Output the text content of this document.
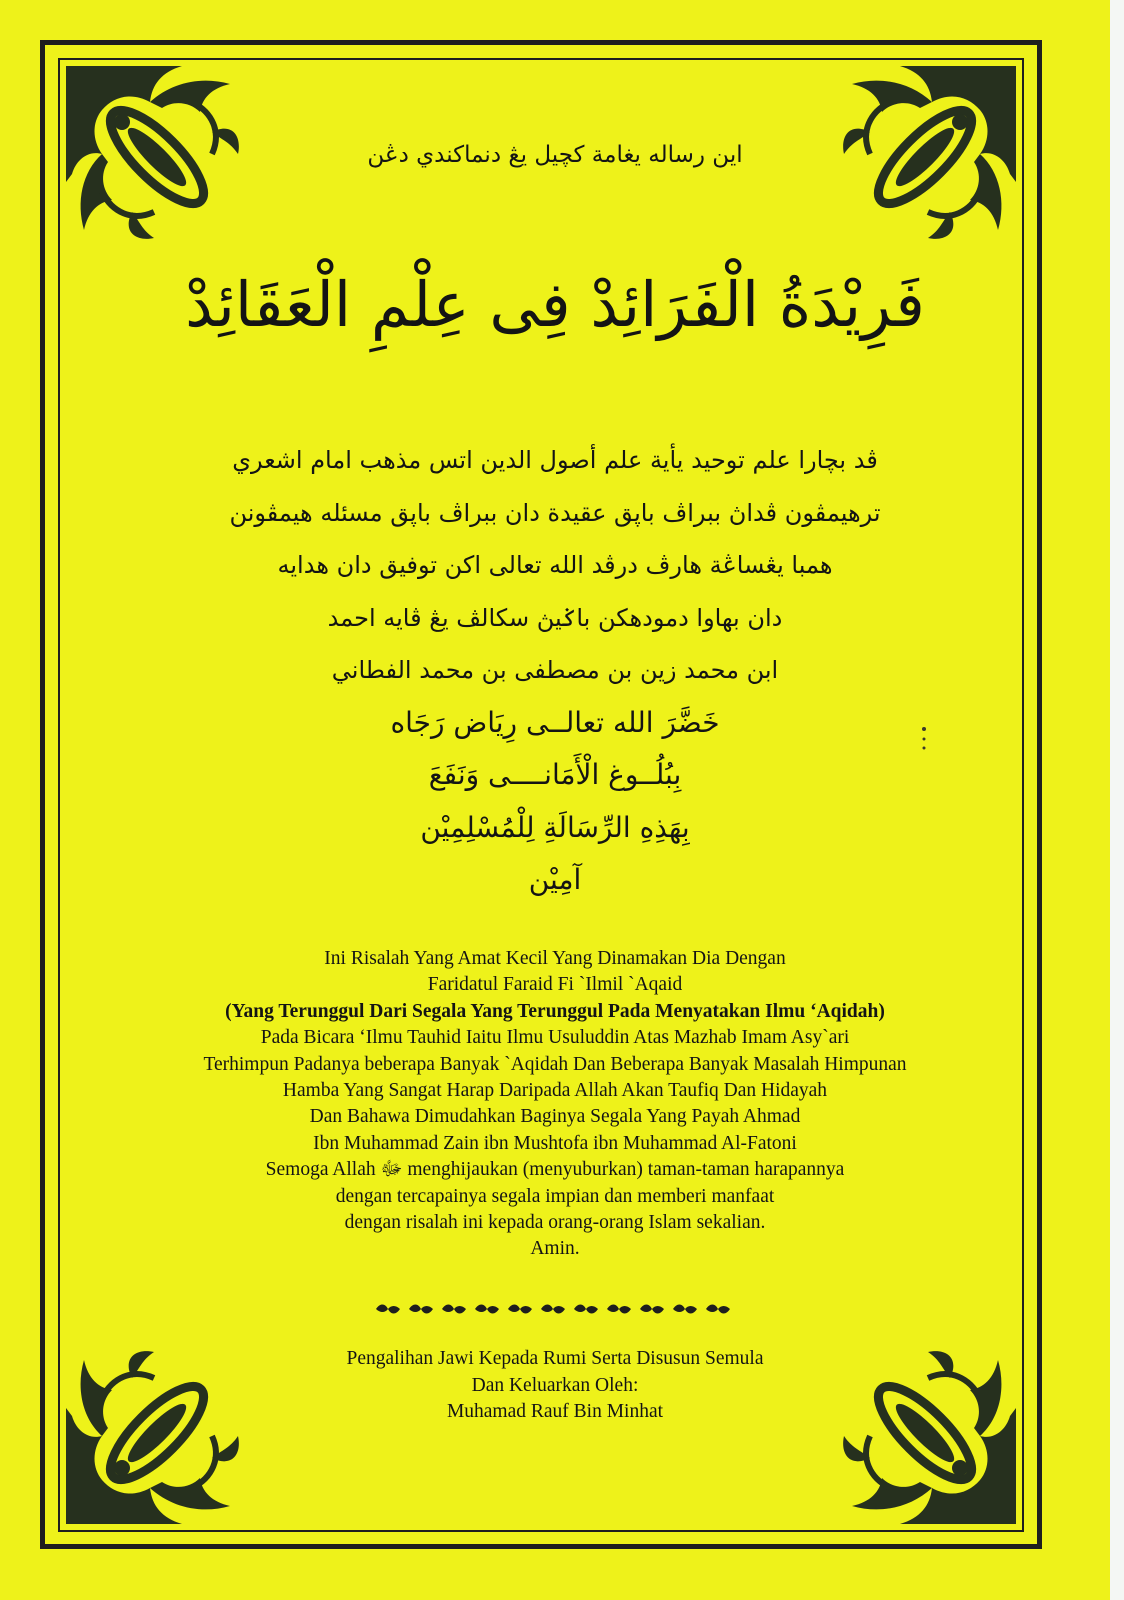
اين رساله يغامة كچيل يڠ دنماكندي دڠن
فَرِيْدَةُ الْفَرَائِدْ فِى عِلْمِ الْعَقَائِدْ
ڤد بچارا علم توحيد يأية علم أصول الدين اتس مذهب امام اشعري
ترهيمڤون ڤداڽ ببراڤ باڽق عقيدة دان ببراڤ باڽق مسئله هيمڤونن
همبا يڠساڠة هارڤ درڤد الله تعالى اكن توفيق دان هدايه
دان بهاوا دمودهكن باݢيڽ سكالڤ يڠ ڤايه احمد
ابن محمد زين بن مصطفى بن محمد الفطاني
خَضَّرَ الله تعالــى رِيَاض رَجَاه
بِبُلُــوغ الْأَمَانــــى وَنَفَعَ
بِهَذِهِ الرِّسَالَةِ لِلْمُسْلِمِيْن
آمِيْن
Ini Risalah Yang Amat Kecil Yang Dinamakan Dia Dengan
Faridatul Faraid Fi `Ilmil `Aqaid
(Yang Terunggul Dari Segala Yang Terunggul Pada Menyatakan Ilmu ‘Aqidah)
Pada Bicara ‘Ilmu Tauhid Iaitu Ilmu Usuluddin Atas Mazhab Imam Asy`ari
Terhimpun Padanya beberapa Banyak `Aqidah Dan Beberapa Banyak Masalah Himpunan
Hamba Yang Sangat Harap Daripada Allah Akan Taufiq Dan Hidayah
Dan Bahawa Dimudahkan Baginya Segala Yang Payah Ahmad
Ibn Muhammad Zain ibn Mushtofa ibn Muhammad Al-Fatoni
Semoga Allah ﷻ menghijaukan (menyuburkan) taman-taman harapannya
dengan tercapainya segala impian dan memberi manfaat
dengan risalah ini kepada orang-orang Islam sekalian.
Amin.
Pengalihan Jawi Kepada Rumi Serta Disusun Semula
Dan Keluarkan Oleh:
Muhamad Rauf Bin Minhat
